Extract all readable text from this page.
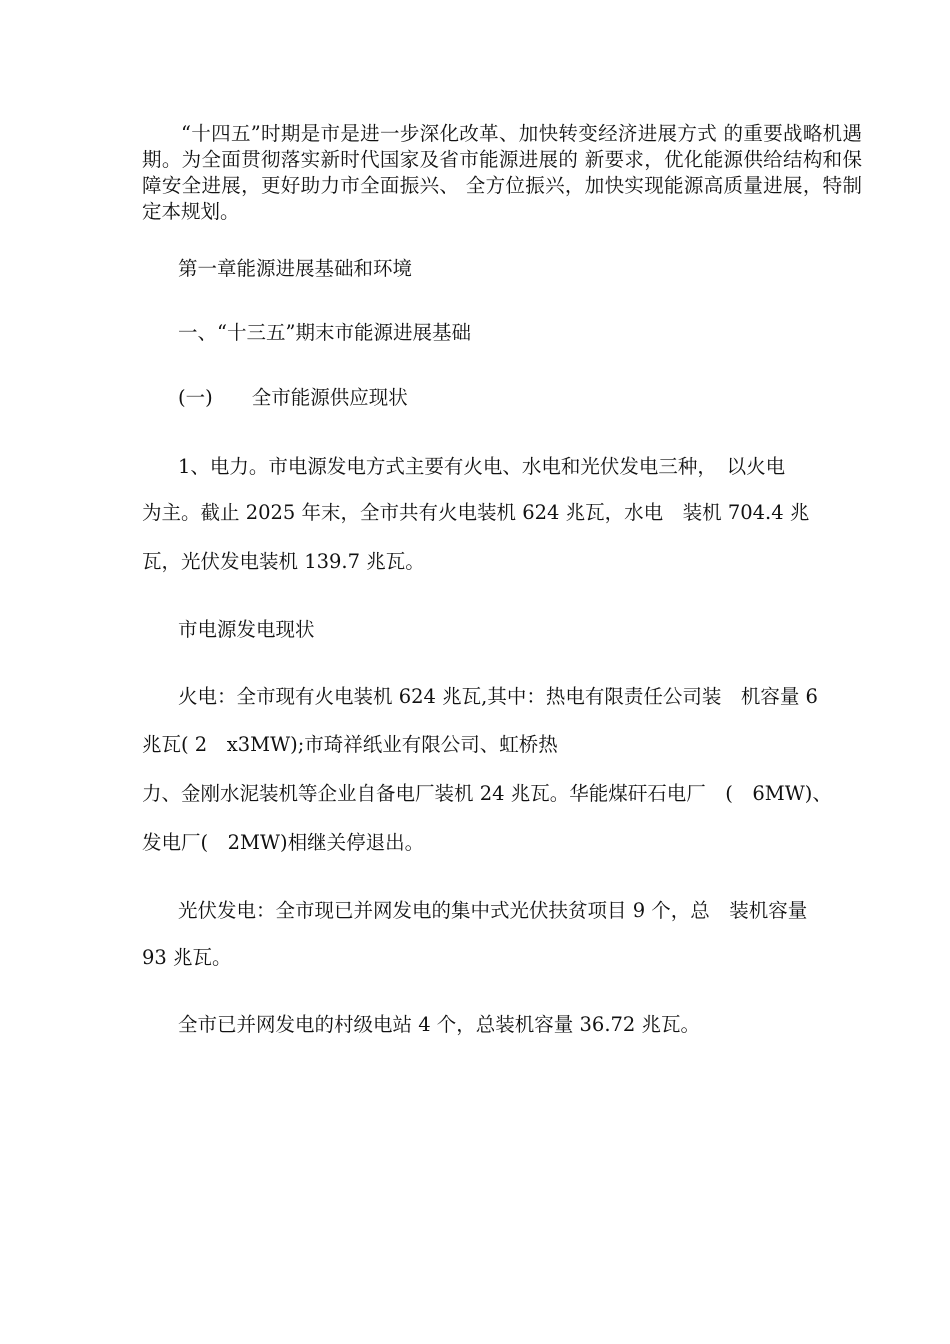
“十四五”时期是市是进一步深化改革、加快转变经济进展方式 的重要战略机遇期。为全面贯彻落实新时代国家及省市能源进展的 新要求，优化能源供给结构和保障安全进展，更好助力市全面振兴、 全方位振兴，加快实现能源高质量进展，特制定本规划。
第一章能源进展基础和环境
一、“十三五”期末市能源进展基础
(一)　　全市能源供应现状
1、电力。市电源发电方式主要有火电、水电和光伏发电三种，　以火电
为主。截止 2025 年末，全市共有火电装机 624 兆瓦，水电　装机 704.4 兆
瓦，光伏发电装机 139.7 兆瓦。
市电源发电现状
火电：全市现有火电装机 624 兆瓦,其中：热电有限责任公司装　机容量 6
兆瓦( 2　x3MW);市琦祥纸业有限公司、虹桥热
力、金刚水泥装机等企业自备电厂装机 24 兆瓦。华能煤矸石电厂　(　6MW)、
发电厂(　2MW)相继关停退出。
光伏发电：全市现已并网发电的集中式光伏扶贫项目 9 个，总　装机容量
93 兆瓦。
全市已并网发电的村级电站 4 个，总装机容量 36.72 兆瓦。
